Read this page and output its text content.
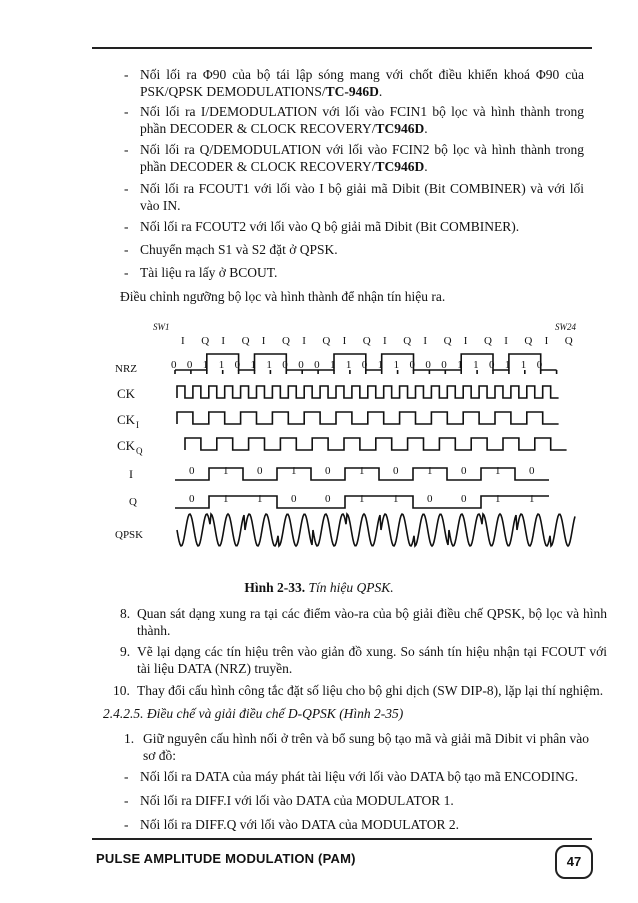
- Nối lối ra Φ90 của bộ tái lập sóng mang với chốt điều khiển khoá Φ90 của PSK/QPSK DEMODULATIONS/TC-946D.
- Nối lối ra I/DEMODULATION với lối vào FCIN1 bộ lọc và hình thành trong phần DECODER & CLOCK RECOVERY/TC946D.
- Nối lối ra Q/DEMODULATION với lối vào FCIN2 bộ lọc và hình thành trong phần DECODER & CLOCK RECOVERY/TC946D.
- Nối lối ra FCOUT1 với lối vào I bộ giải mã Dibit (Bit COMBINER) và với lối vào IN.
- Nối lối ra FCOUT2 với lối vào Q bộ giải mã Dibit (Bit COMBINER).
- Chuyển mạch S1 và S2 đặt ở QPSK.
- Tài liệu ra lấy ở BCOUT.
Điều chỉnh ngưỡng bộ lọc và hình thành để nhận tín hiệu ra.
NRZ
CK
CK I
CK Q
I
Q
QPSK
SW1	SW24
I Q I Q I Q I Q I Q I Q I Q I Q I Q I Q
0 0 1 1 0 1 1 0 0 0 1 1 0 1 1 0 0 0 1 1 0 1 1 0
0	1	0	1	0	1	0	1	0	1	0
0	1	1	0	0	1	1	0	0	1	1
Hình 2-33. Tín hiệu QPSK.
8. Quan sát dạng xung ra tại các điểm vào-ra của bộ giải điều chế QPSK, bộ lọc và hình thành.
9. Vẽ lại dạng các tín hiệu trên vào giản đồ xung. So sánh tín hiệu nhận tại FCOUT với tài liệu DATA (NRZ) truyền.
10. Thay đổi cấu hình công tắc đặt số liệu cho bộ ghi dịch (SW DIP-8), lặp lại thí nghiệm.
2.4.2.5. Điều chế và giải điều chế D-QPSK (Hình 2-35)
1. Giữ nguyên cấu hình nối ở trên và bổ sung bộ tạo mã và giải mã Dibit vi phân vào sơ đồ:
- Nối lối ra DATA của máy phát tài liệu với lối vào DATA bộ tạo mã ENCODING.
- Nối lối ra DIFF.I với lối vào DATA của MODULATOR 1.
- Nối lối ra DIFF.Q với lối vào DATA của MODULATOR 2.
PULSE AMPLITUDE MODULATION (PAM)	47
